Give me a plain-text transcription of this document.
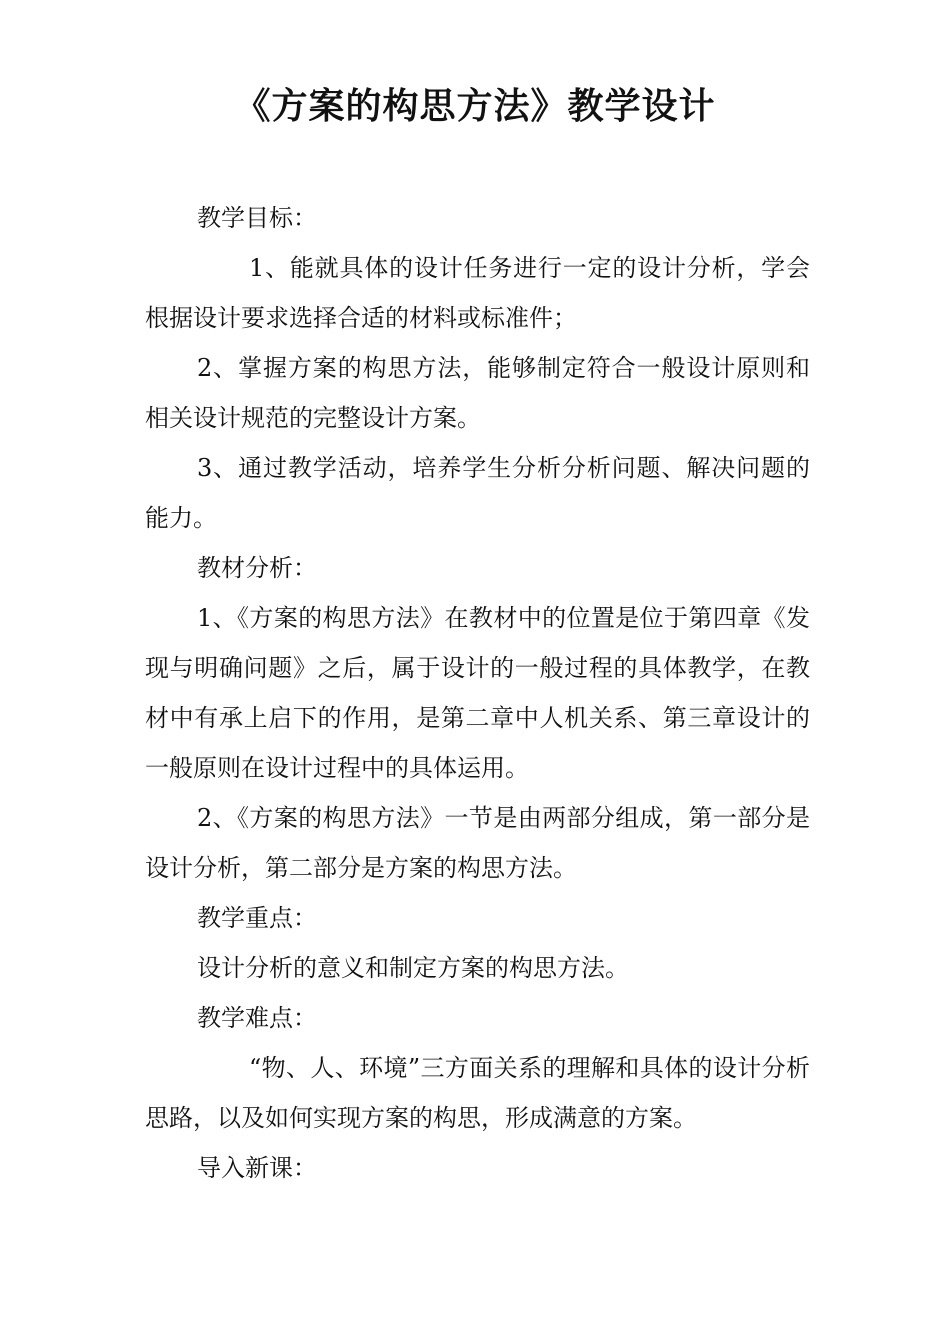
《方案的构思方法》教学设计

教学目标：

1、能就具体的设计任务进行一定的设计分析，学会根据设计要求选择合适的材料或标准件；

2、掌握方案的构思方法，能够制定符合一般设计原则和相关设计规范的完整设计方案。

3、通过教学活动，培养学生分析分析问题、解决问题的能力。

教材分析：

1、《方案的构思方法》在教材中的位置是位于第四章《发现与明确问题》之后，属于设计的一般过程的具体教学，在教材中有承上启下的作用，是第二章中人机关系、第三章设计的一般原则在设计过程中的具体运用。

2、《方案的构思方法》一节是由两部分组成，第一部分是设计分析，第二部分是方案的构思方法。

教学重点：

设计分析的意义和制定方案的构思方法。

教学难点：

“物、人、环境”三方面关系的理解和具体的设计分析思路，以及如何实现方案的构思，形成满意的方案。

导入新课：
